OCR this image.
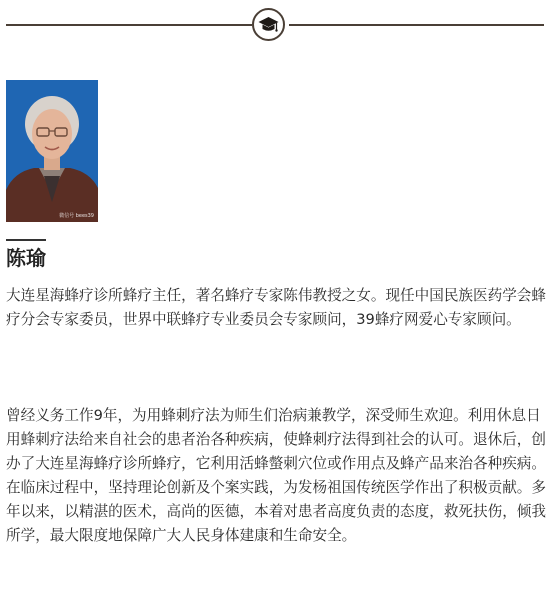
微信号 bees39
陈瑜

大连星海蜂疗诊所蜂疗主任，著名蜂疗专家陈伟教授之女。现任中国民族医药学会蜂疗分会专家委员，世界中联蜂疗专业委员会专家顾问，39蜂疗网爱心专家顾问。

曾经义务工作9年，为用蜂刺疗法为师生们治病兼教学，深受师生欢迎。利用休息日用蜂刺疗法给来自社会的患者治各种疾病，使蜂刺疗法得到社会的认可。退休后，创办了大连星海蜂疗诊所蜂疗，它利用活蜂螫刺穴位或作用点及蜂产品来治各种疾病。在临床过程中，坚持理论创新及个案实践，为发杨祖国传统医学作出了积极贡献。多年以来，以精湛的医术，高尚的医德，本着对患者高度负责的态度，救死扶伤，倾我所学，最大限度地保障广大人民身体建康和生命安全。
